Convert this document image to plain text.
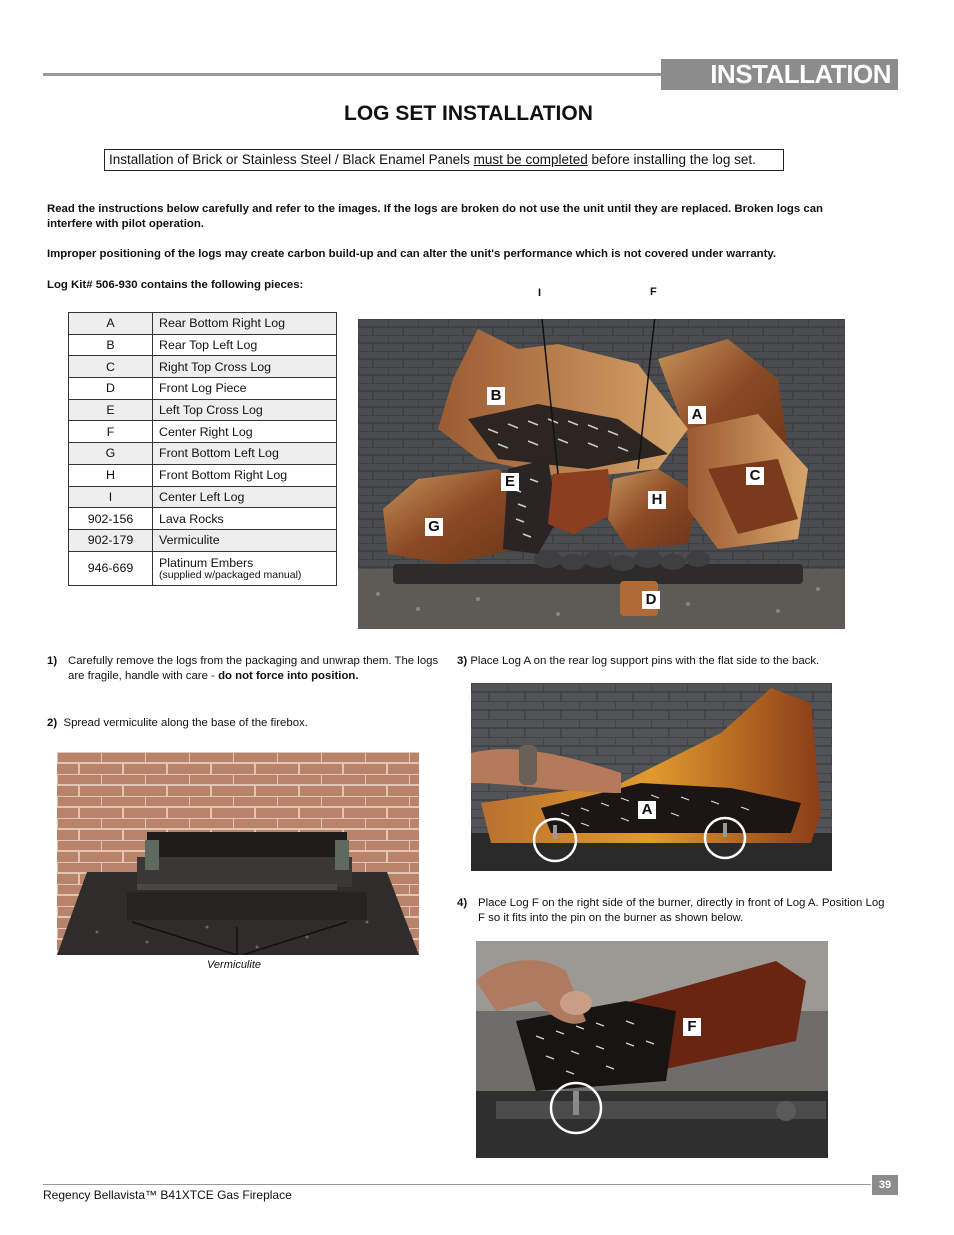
INSTALLATION
LOG SET INSTALLATION
Installation of Brick or Stainless Steel / Black Enamel Panels must be completed before installing the log set.
Read the instructions below carefully and refer to the images. If the logs are broken do not use the unit until they are replaced. Broken logs can interfere with pilot operation.
Improper positioning of the logs may create carbon build-up and can alter the unit's performance which is not covered under warranty.
Log Kit# 506-930 contains the following pieces:
A	Rear Bottom Right Log
B	Rear Top Left Log
C	Right Top Cross Log
D	Front Log Piece
E	Left Top Cross Log
F	Center Right Log
G	Front Bottom Left Log
H	Front Bottom Right Log
I	Center Left Log
902-156	Lava Rocks
902-179	Vermiculite
946-669	Platinum Embers
(supplied w/packaged manual)
I	F
B
A
C
E
H
G
D
1) Carefully remove the logs from the packaging and unwrap them. The logs are fragile, handle with care - do not force into position.
2) Spread vermiculite along the base of the firebox.
Vermiculite
3) Place Log A on the rear log support pins with the flat side to the back.
A
4) Place Log F on the right side of the burner, directly in front of Log A. Position Log F so it fits into the pin on the burner as shown below.
F
Regency Bellavista™ B41XTCE Gas Fireplace
39
